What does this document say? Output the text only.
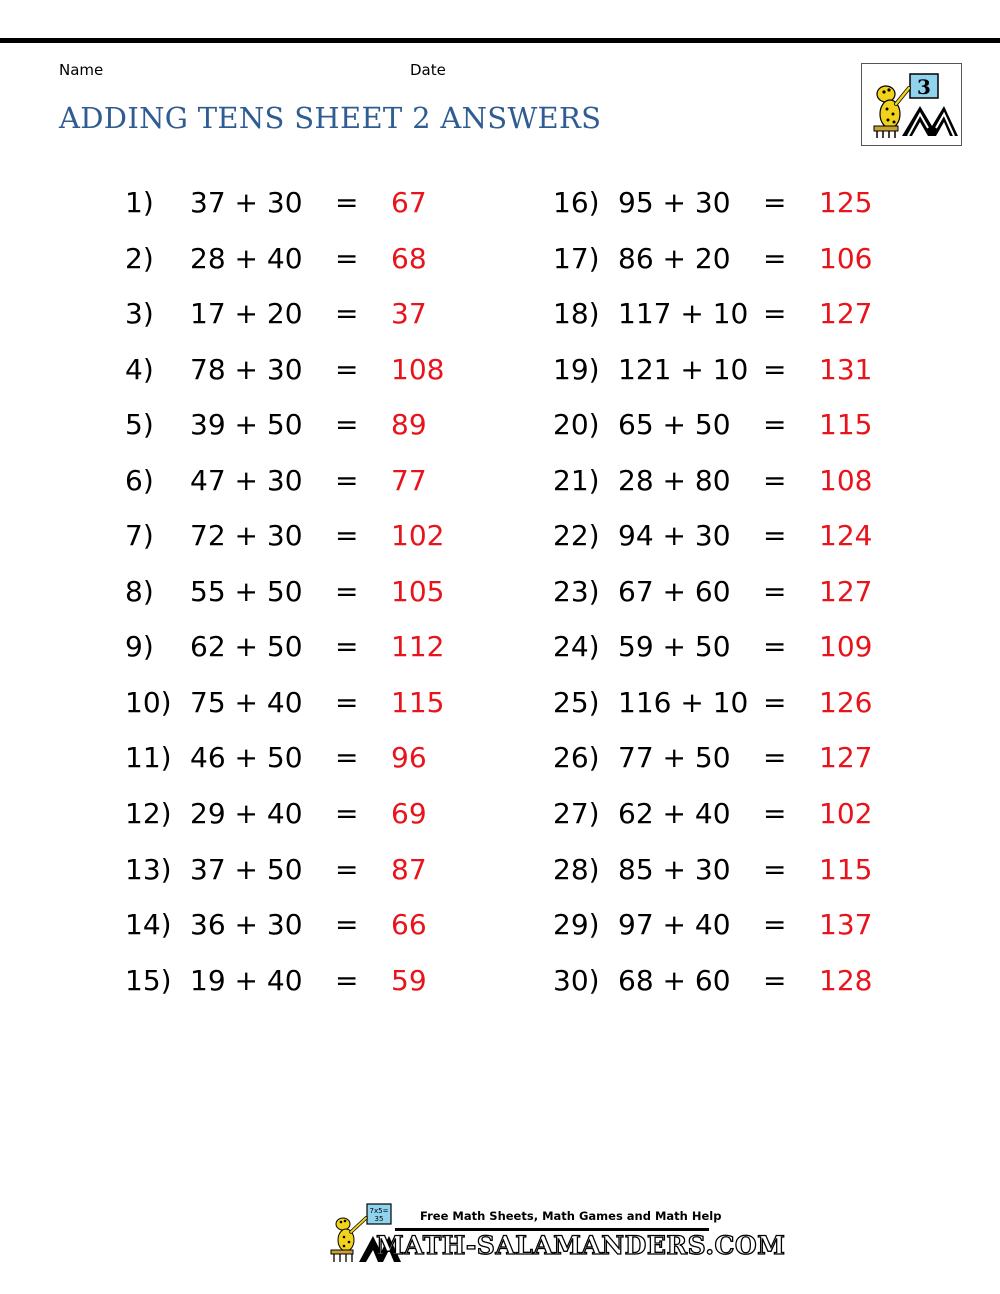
Name	Date
ADDING TENS SHEET 2 ANSWERS
3
1) 37 + 30 = 67
2) 28 + 40 = 68
3) 17 + 20 = 37
4) 78 + 30 = 108
5) 39 + 50 = 89
6) 47 + 30 = 77
7) 72 + 30 = 102
8) 55 + 50 = 105
9) 62 + 50 = 112
10) 75 + 40 = 115
11) 46 + 50 = 96
12) 29 + 40 = 69
13) 37 + 50 = 87
14) 36 + 30 = 66
15) 19 + 40 = 59
16) 95 + 30 = 125
17) 86 + 20 = 106
18) 117 + 10 = 127
19) 121 + 10 = 131
20) 65 + 50 = 115
21) 28 + 80 = 108
22) 94 + 30 = 124
23) 67 + 60 = 127
24) 59 + 50 = 109
25) 116 + 10 = 126
26) 77 + 50 = 127
27) 62 + 40 = 102
28) 85 + 30 = 115
29) 97 + 40 = 137
30) 68 + 60 = 128
7x5=
35	Free Math Sheets, Math Games and Math Help
MATH-SALAMANDERS.COM
